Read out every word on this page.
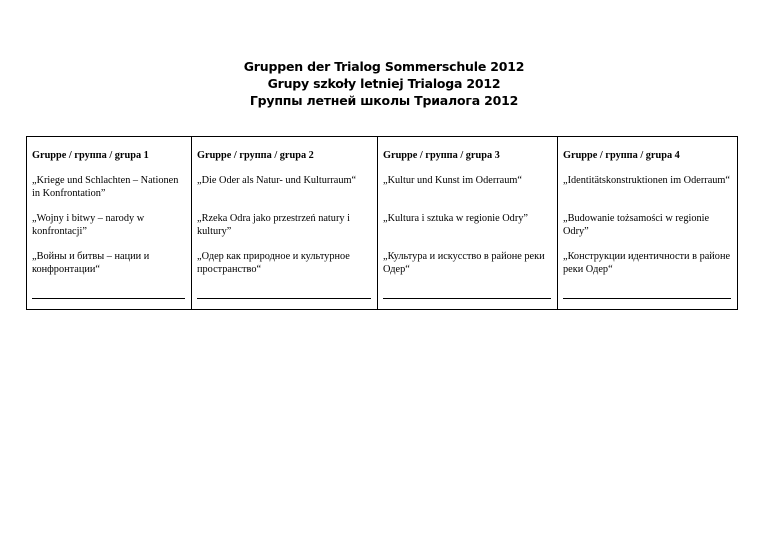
Gruppen der Trialog Sommerschule 2012
Grupy szkoły letniej Trialoga 2012
Группы летней школы Триалога 2012
Gruppe / группа / grupa 1
„Kriege und Schlachten – Nationen in Konfrontation”
„Wojny i bitwy – narody w konfrontacji”
„Войны и битвы – нации и конфронтации“
Gruppe / группа / grupa 2
„Die Oder als Natur- und Kulturraum“
„Rzeka Odra jako przestrzeń natury i kultury”
„Одер как природное и культурное пространство“
Gruppe / группа / grupa 3
„Kultur und Kunst im Oderraum“
„Kultura i sztuka w regionie Odry”
„Культура и искусство в районе реки Одер“
Gruppe / группа / grupa 4
„Identitätskonstruktionen im Oderraum“
„Budowanie tożsamości w regionie Odry”
„Конструкции идентичности в районе реки Одер“
